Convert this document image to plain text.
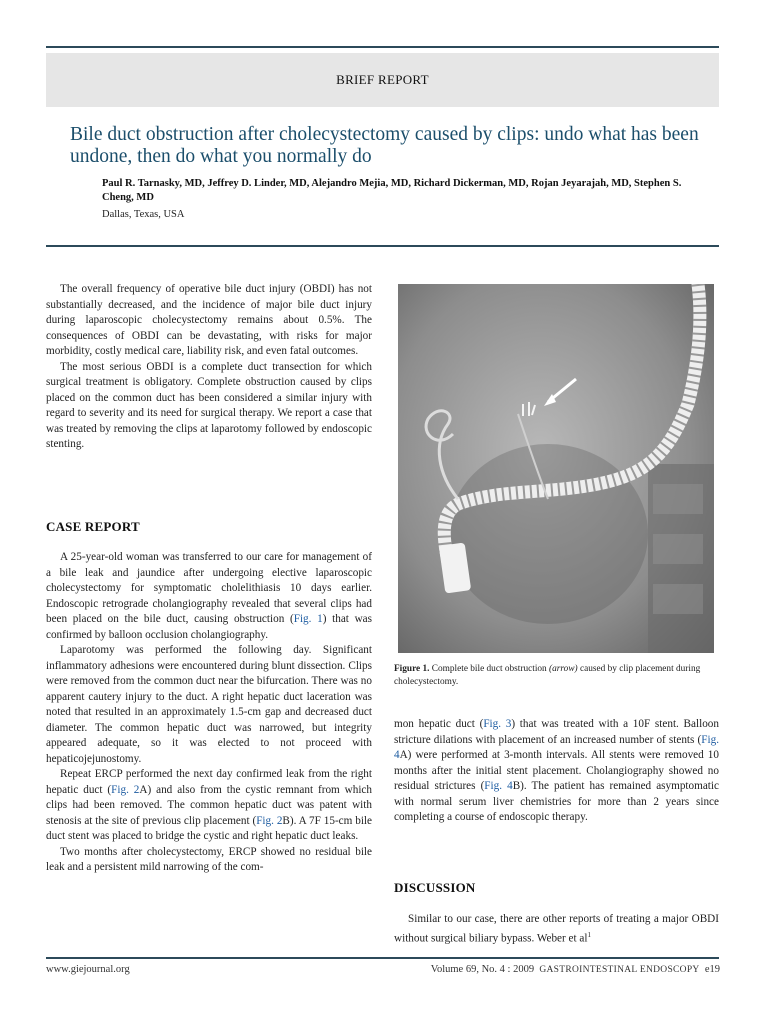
BRIEF REPORT
Bile duct obstruction after cholecystectomy caused by clips: undo what has been undone, then do what you normally do
Paul R. Tarnasky, MD, Jeffrey D. Linder, MD, Alejandro Mejia, MD, Richard Dickerman, MD, Rojan Jeyarajah, MD, Stephen S. Cheng, MD
Dallas, Texas, USA

The overall frequency of operative bile duct injury (OBDI) has not substantially decreased, and the incidence of major bile duct injury during laparoscopic cholecystectomy remains about 0.5%. The consequences of OBDI can be devastating, with risks for major morbidity, costly medical care, liability risk, and even fatal outcomes.

The most serious OBDI is a complete duct transection for which surgical treatment is obligatory. Complete obstruction caused by clips placed on the common duct has been considered a similar injury with regard to severity and its need for surgical therapy. We report a case that was treated by removing the clips at laparotomy followed by endoscopic stenting.

CASE REPORT

A 25-year-old woman was transferred to our care for management of a bile leak and jaundice after undergoing elective laparoscopic cholecystectomy for symptomatic cholelithiasis 10 days earlier. Endoscopic retrograde cholangiography revealed that several clips had been placed on the bile duct, causing obstruction (Fig. 1) that was confirmed by balloon occlusion cholangiography.

Laparotomy was performed the following day. Significant inflammatory adhesions were encountered during blunt dissection. Clips were removed from the common duct near the bifurcation. There was no apparent cautery injury to the duct. A right hepatic duct laceration was noted that resulted in an approximately 1.5-cm gap and decreased duct diameter. The common hepatic duct was narrowed, but integrity appeared adequate, so it was elected to not proceed with hepaticojejunostomy.

Repeat ERCP performed the next day confirmed leak from the right hepatic duct (Fig. 2A) and also from the cystic remnant from which clips had been removed. The common hepatic duct was patent with stenosis at the site of previous clip placement (Fig. 2B). A 7F 15-cm bile duct stent was placed to bridge the cystic and right hepatic duct leaks.

Two months after cholecystectomy, ERCP showed no residual bile leak and a persistent mild narrowing of the com-

Figure 1. Complete bile duct obstruction (arrow) caused by clip placement during cholecystectomy.

mon hepatic duct (Fig. 3) that was treated with a 10F stent. Balloon stricture dilations with placement of an increased number of stents (Fig. 4A) were performed at 3-month intervals. All stents were removed 10 months after the initial stent placement. Cholangiography showed no residual strictures (Fig. 4B). The patient has remained asymptomatic with normal serum liver chemistries for more than 2 years since completing a course of endoscopic therapy.

DISCUSSION

Similar to our case, there are other reports of treating a major OBDI without surgical biliary bypass. Weber et $al^1$

www.giejournal.org	Volume 69, No. 4 : 2009 GASTROINTESTINAL ENDOSCOPY e19
